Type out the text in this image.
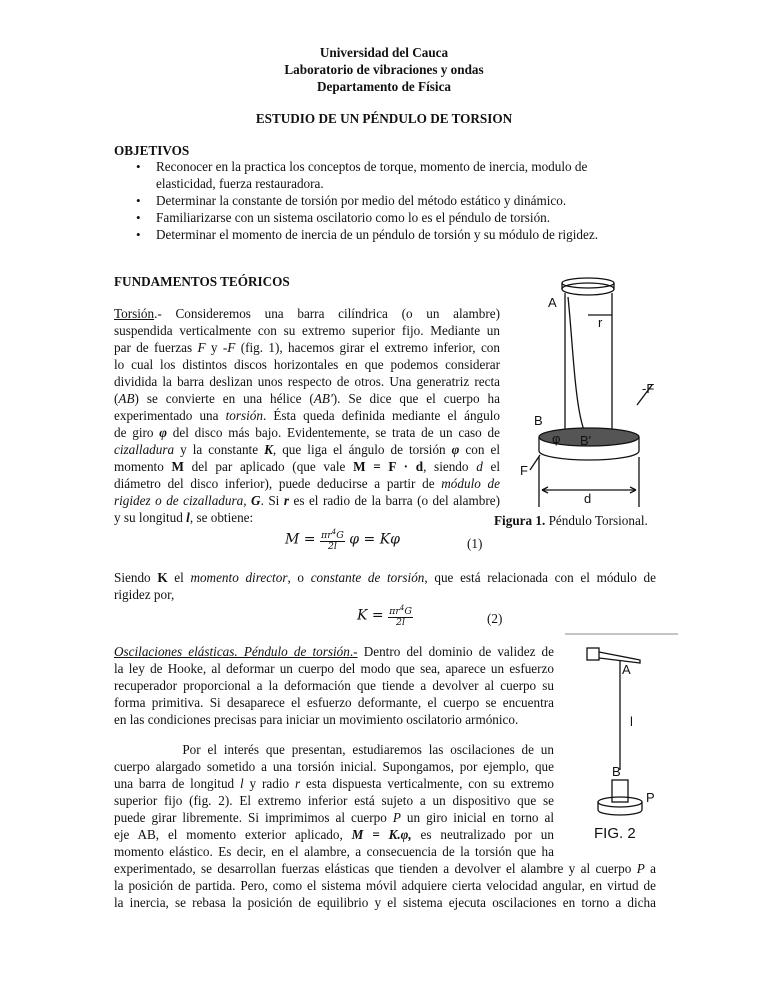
Universidad del Cauca
Laboratorio de vibraciones y ondas
Departamento de Física
ESTUDIO DE UN PÉNDULO DE TORSION
OBJETIVOS
• Reconocer en la practica los conceptos de torque, momento de inercia, modulo de elasticidad, fuerza restauradora.
• Determinar la constante de torsión por medio del método estático y dinámico.
• Familiarizarse con un sistema oscilatorio como lo es el péndulo de torsión.
• Determinar el momento de inercia de un péndulo de torsión y su módulo de rigidez.
FUNDAMENTOS TEÓRICOS
Torsión.- Consideremos una barra cilíndrica (o un alambre)
suspendida verticalmente con su extremo superior fijo. Mediante un
par de fuerzas F y -F (fig. 1), hacemos girar el extremo inferior, con
lo cual los distintos discos horizontales en que podemos considerar
dividida la barra deslizan unos respecto de otros. Una generatriz recta
(AB) se convierte en una hélice (AB'). Se dice que el cuerpo ha
experimentado una torsión. Ésta queda definida mediante el ángulo
de giro φ del disco más bajo. Evidentemente, se trata de un caso de
cizalladura y la constante K, que liga el ángulo de torsión φ con el
momento M del par aplicado (que vale M = F · d, siendo d el
diámetro del disco inferior), puede deducirse a partir de módulo de
rigidez o de cizalladura, G. Si r es el radio de la barra (o del alambre)
y su longitud l, se obtiene:
A
r
-F
B
φ B'
F
d
Figura 1. Péndulo Torsional.
$M = \frac{\pi r^4G}{2l}$ φ = Kφ	(1)
Siendo K el momento director, o constante de torsión, que está relacionada con el módulo de
rigidez por,
$K = \frac{\pi r^4G}{2l}$	(2)
A
l
B
P
FIG. 2
Oscilaciones elásticas. Péndulo de torsión.- Dentro del dominio de validez de
la ley de Hooke, al deformar un cuerpo del modo que sea, aparece un esfuerzo
recuperador proporcional a la deformación que tiende a devolver al cuerpo su
forma primitiva. Si desaparece el esfuerzo deformante, el cuerpo se encuentra
en las condiciones precisas para iniciar un movimiento oscilatorio armónico.
Por el interés que presentan, estudiaremos las oscilaciones de un
cuerpo alargado sometido a una torsión inicial. Supongamos, por ejemplo, que
una barra de longitud l y radio r esta dispuesta verticalmente, con su extremo
superior fijo (fig. 2). El extremo inferior está sujeto a un dispositivo que se
puede girar libremente. Si imprimimos al cuerpo P un giro inicial en torno al
eje AB, el momento exterior aplicado, M = K.φ, es neutralizado por un
momento elástico. Es decir, en el alambre, a consecuencia de la torsión que ha
experimentado, se desarrollan fuerzas elásticas que tienden a devolver el alambre y al cuerpo P a
la posición de partida. Pero, como el sistema móvil adquiere cierta velocidad angular, en virtud de
la inercia, se rebasa la posición de equilibrio y el sistema ejecuta oscilaciones en torno a dicha
